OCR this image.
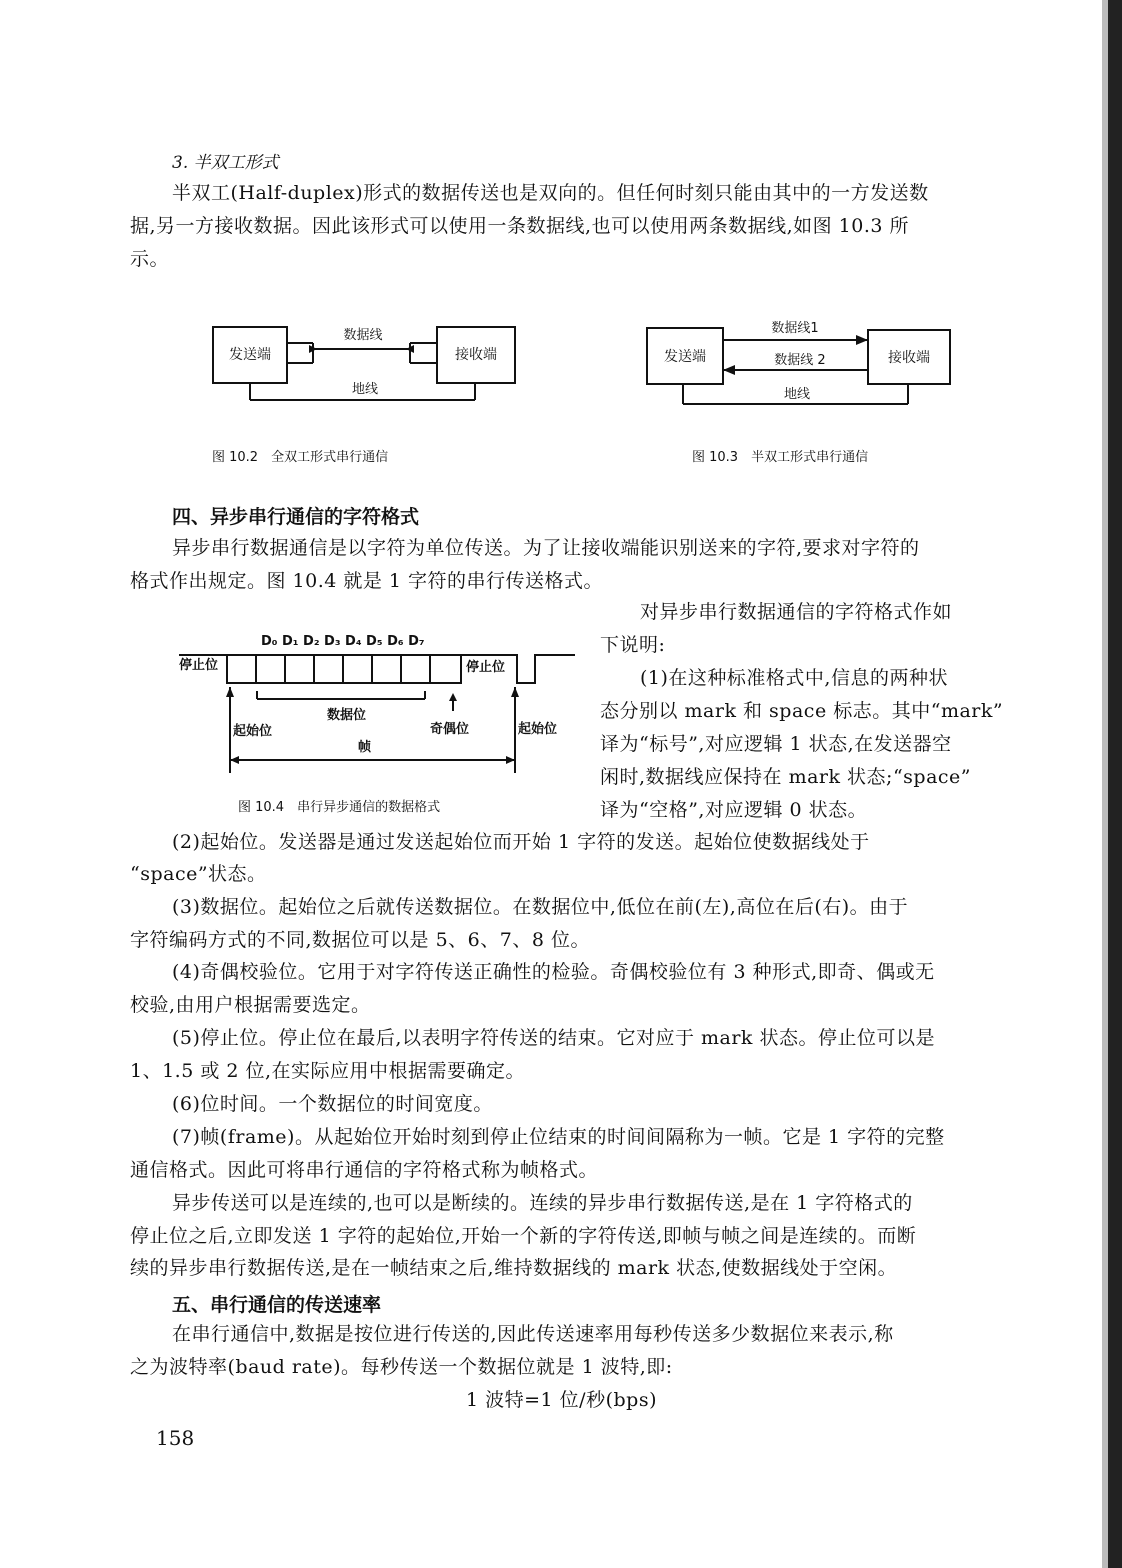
3. 半双工形式
半双工(Half-duplex)形式的数据传送也是双向的。但任何时刻只能由其中的一方发送数
据,另一方接收数据。因此该形式可以使用一条数据线,也可以使用两条数据线,如图 10.3 所
示。
发送端	接收端
数据线
地线
图 10.2　全双工形式串行通信
发送端	接收端
数据线1
数据线 2
地线
图 10.3　半双工形式串行通信
四、异步串行通信的字符格式
异步串行数据通信是以字符为单位传送。为了让接收端能识别送来的字符,要求对字符的
格式作出规定。图 10.4 就是 1 字符的串行传送格式。
对异步串行数据通信的字符格式作如
下说明:
(1)在这种标准格式中,信息的两种状
态分别以 mark 和 space 标志。其中“mark”
译为“标号”,对应逻辑 1 状态,在发送器空
闲时,数据线应保持在 mark 状态;“space”
译为“空格”,对应逻辑 0 状态。
D₀ D₁ D₂ D₃ D₄ D₅ D₆ D₇
停止位	停止位
起始位
数据位
奇偶位	起始位
帧
图 10.4　串行异步通信的数据格式
(2)起始位。发送器是通过发送起始位而开始 1 字符的发送。起始位使数据线处于
“space”状态。
(3)数据位。起始位之后就传送数据位。在数据位中,低位在前(左),高位在后(右)。由于
字符编码方式的不同,数据位可以是 5、6、7、8 位。
(4)奇偶校验位。它用于对字符传送正确性的检验。奇偶校验位有 3 种形式,即奇、偶或无
校验,由用户根据需要选定。
(5)停止位。停止位在最后,以表明字符传送的结束。它对应于 mark 状态。停止位可以是
1、1.5 或 2 位,在实际应用中根据需要确定。
(6)位时间。一个数据位的时间宽度。
(7)帧(frame)。从起始位开始时刻到停止位结束的时间间隔称为一帧。它是 1 字符的完整
通信格式。因此可将串行通信的字符格式称为帧格式。
异步传送可以是连续的,也可以是断续的。连续的异步串行数据传送,是在 1 字符格式的
停止位之后,立即发送 1 字符的起始位,开始一个新的字符传送,即帧与帧之间是连续的。而断
续的异步串行数据传送,是在一帧结束之后,维持数据线的 mark 状态,使数据线处于空闲。
五、串行通信的传送速率
在串行通信中,数据是按位进行传送的,因此传送速率用每秒传送多少数据位来表示,称
之为波特率(baud rate)。每秒传送一个数据位就是 1 波特,即:
1 波特=1 位/秒(bps)
158
